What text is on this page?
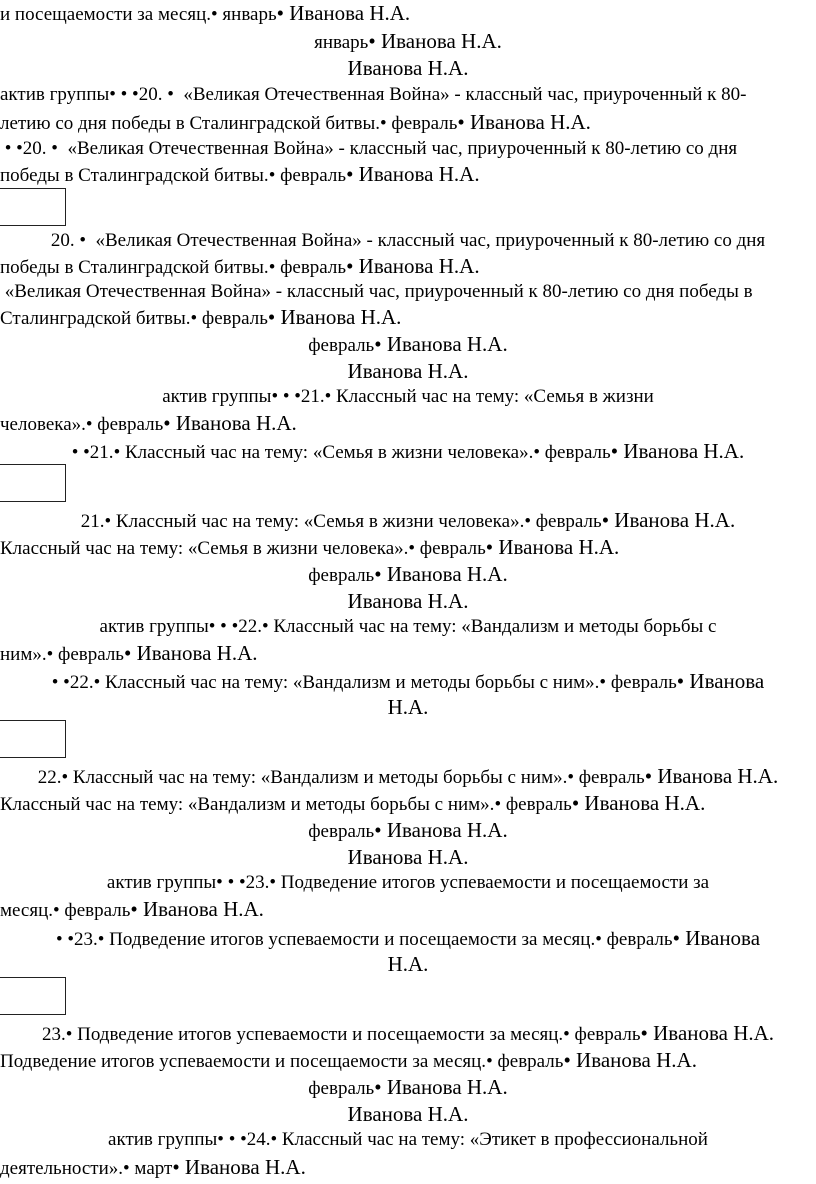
и посещаемости за месяц.• январь• Иванова Н.А.
январь• Иванова Н.А.
Иванова Н.А.
актив группы• • •20. •  «Великая Отечественная Война» - классный час, приуроченный к 80-
летию со дня победы в Сталинградской битвы.• февраль• Иванова Н.А.
• •20. •  «Великая Отечественная Война» - классный час, приуроченный к 80-летию со дня
победы в Сталинградской битвы.• февраль• Иванова Н.А.
20. •  «Великая Отечественная Война» - классный час, приуроченный к 80-летию со дня
победы в Сталинградской битвы.• февраль• Иванова Н.А.
«Великая Отечественная Война» - классный час, приуроченный к 80-летию со дня победы в
Сталинградской битвы.• февраль• Иванова Н.А.
февраль• Иванова Н.А.
Иванова Н.А.
актив группы• • •21.• Классный час на тему: «Семья в жизни
человека».• февраль• Иванова Н.А.
• •21.• Классный час на тему: «Семья в жизни человека».• февраль• Иванова Н.А.
21.• Классный час на тему: «Семья в жизни человека».• февраль• Иванова Н.А.
Классный час на тему: «Семья в жизни человека».• февраль• Иванова Н.А.
февраль• Иванова Н.А.
Иванова Н.А.
актив группы• • •22.• Классный час на тему: «Вандализм и методы борьбы с
ним».• февраль• Иванова Н.А.
• •22.• Классный час на тему: «Вандализм и методы борьбы с ним».• февраль• Иванова
Н.А.
22.• Классный час на тему: «Вандализм и методы борьбы с ним».• февраль• Иванова Н.А.
Классный час на тему: «Вандализм и методы борьбы с ним».• февраль• Иванова Н.А.
февраль• Иванова Н.А.
Иванова Н.А.
актив группы• • •23.• Подведение итогов успеваемости и посещаемости за
месяц.• февраль• Иванова Н.А.
• •23.• Подведение итогов успеваемости и посещаемости за месяц.• февраль• Иванова
Н.А.
23.• Подведение итогов успеваемости и посещаемости за месяц.• февраль• Иванова Н.А.
Подведение итогов успеваемости и посещаемости за месяц.• февраль• Иванова Н.А.
февраль• Иванова Н.А.
Иванова Н.А.
актив группы• • •24.• Классный час на тему: «Этикет в профессиональной
деятельности».• март• Иванова Н.А.
